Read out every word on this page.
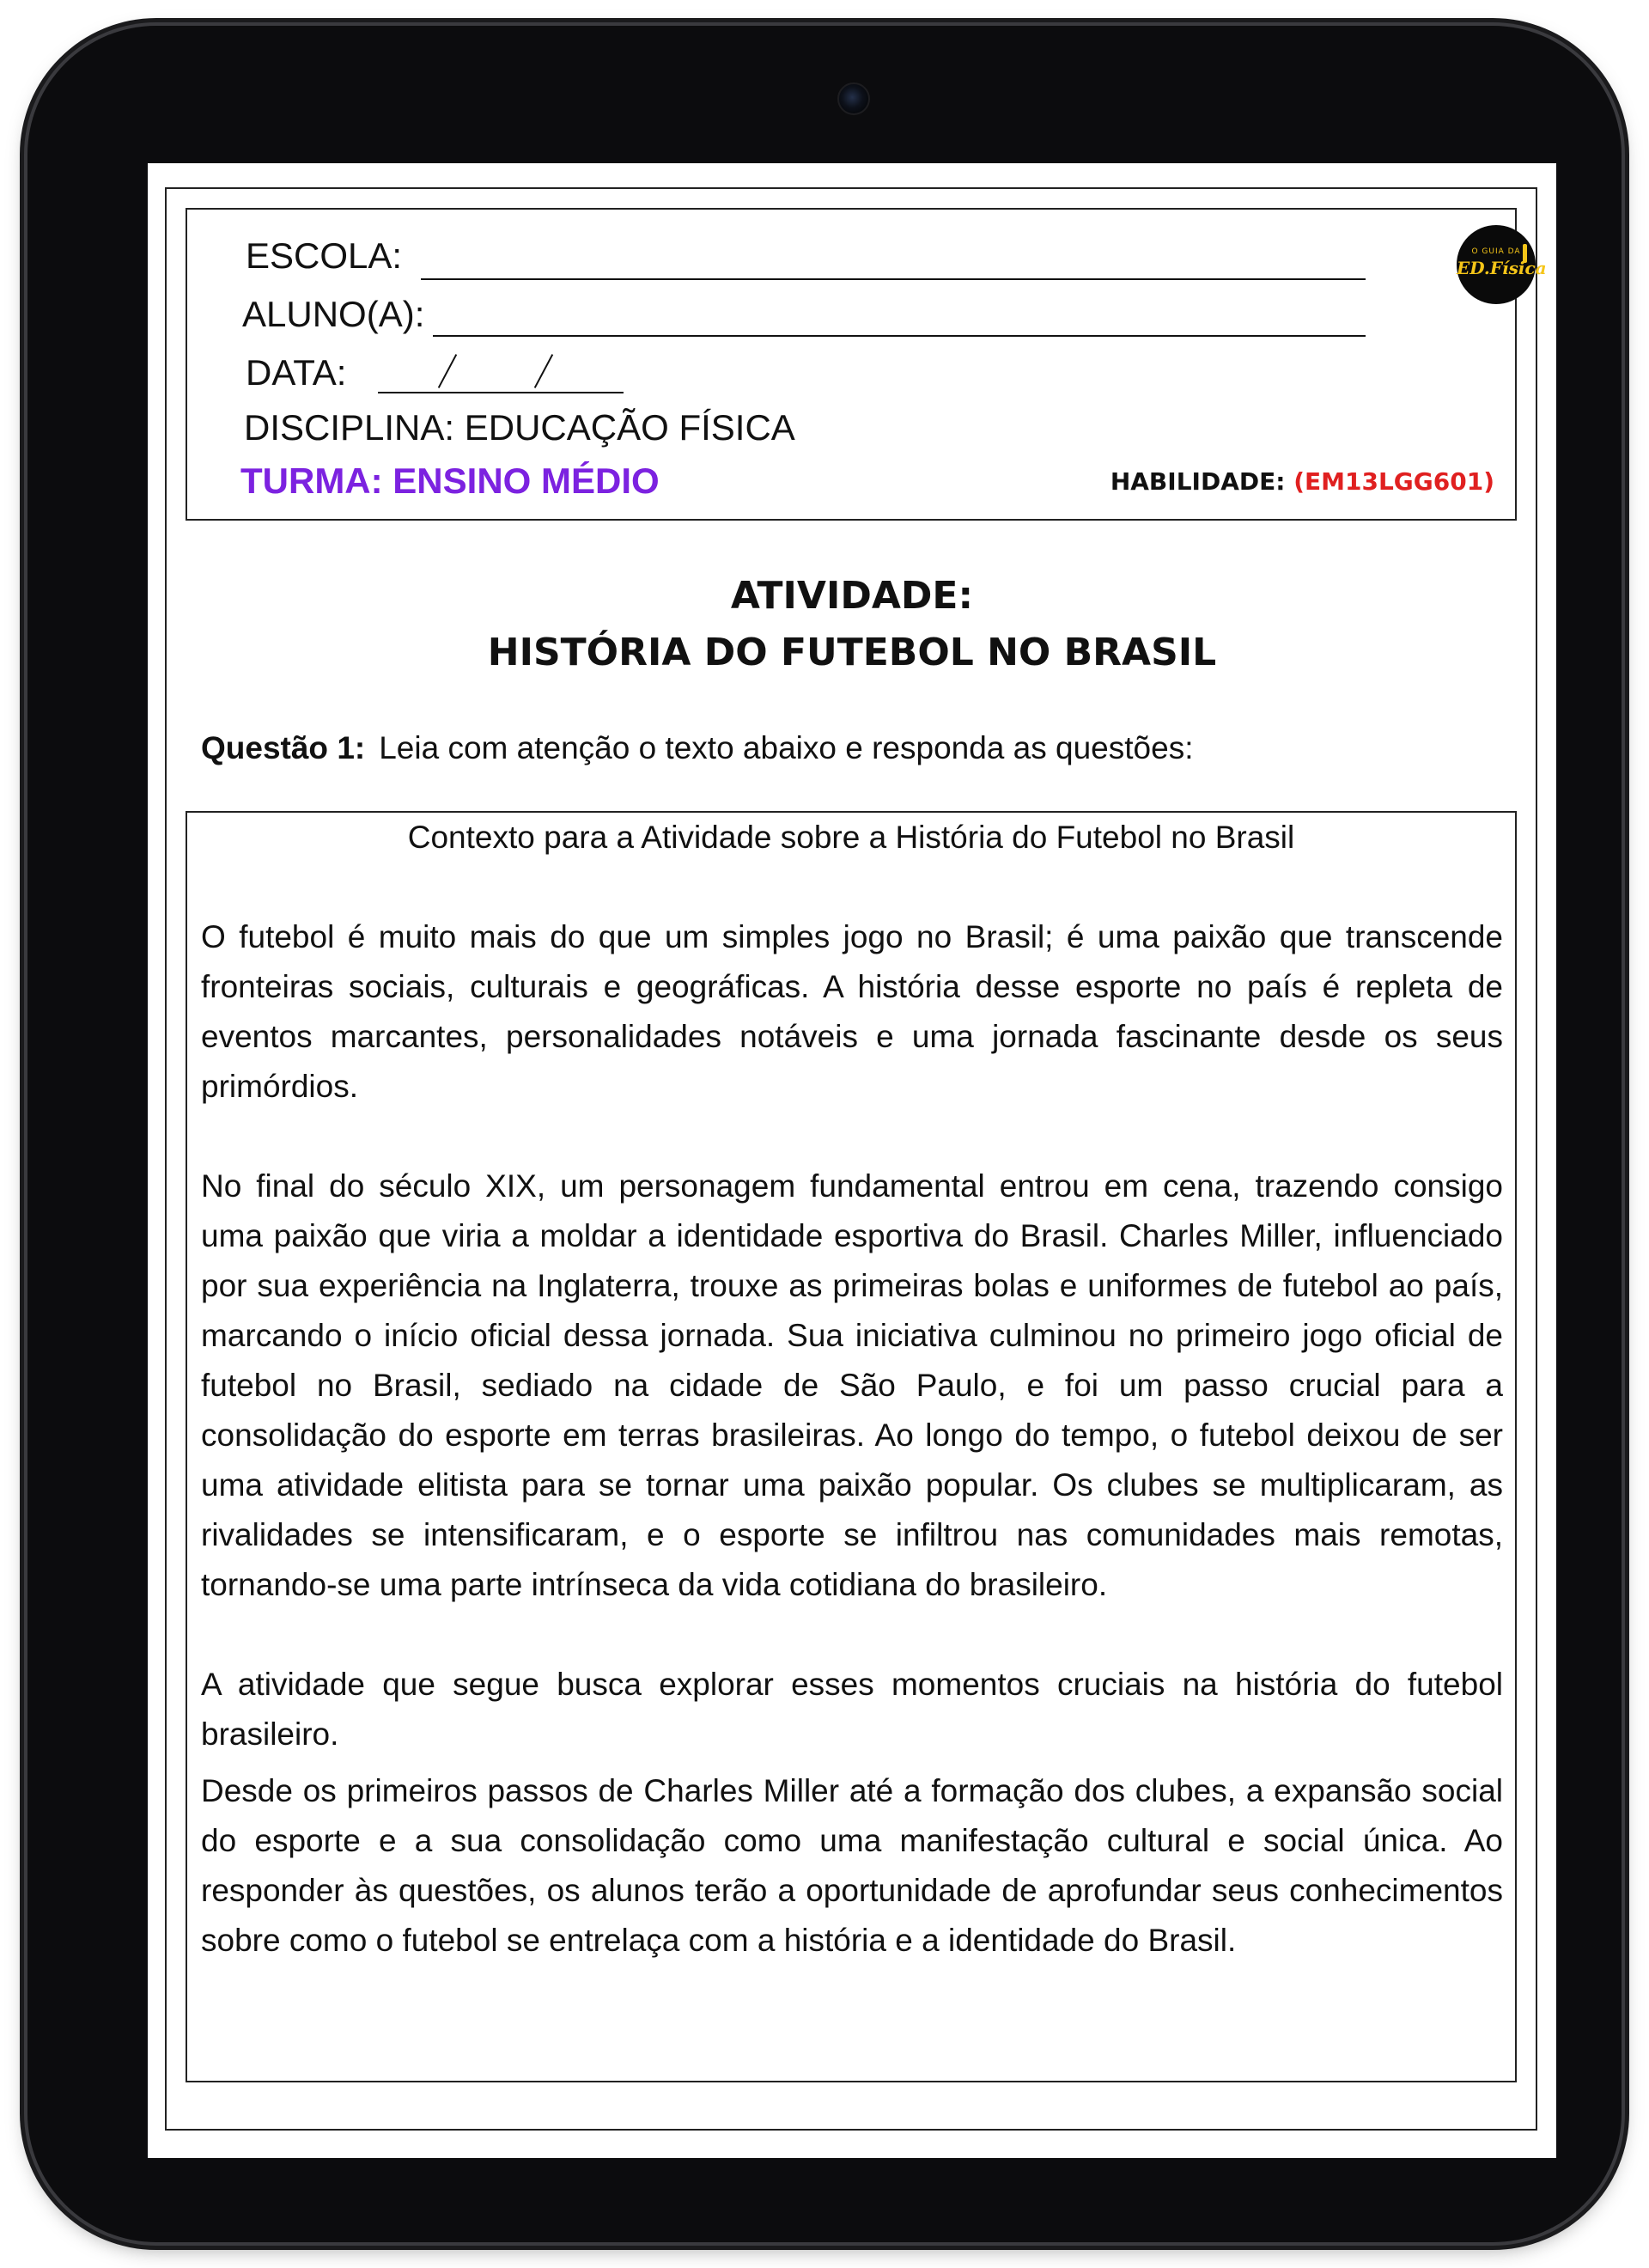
ESCOLA:
ALUNO(A):
DATA:
DISCIPLINA: EDUCAÇÃO FÍSICA
TURMA: ENSINO MÉDIO	HABILIDADE: (EM13LGG601)
O GUIA DA
ED.Física
ATIVIDADE:
HISTÓRIA DO FUTEBOL NO BRASIL
Questão 1: Leia com atenção o texto abaixo e responda as questões:
Contexto para a Atividade sobre a História do Futebol no Brasil

O futebol é muito mais do que um simples jogo no Brasil; é uma paixão que transcende fronteiras sociais, culturais e geográficas. A história desse esporte no país é repleta de eventos marcantes, personalidades notáveis e uma jornada fascinante desde os seus primórdios.

No final do século XIX, um personagem fundamental entrou em cena, trazendo consigo uma paixão que viria a moldar a identidade esportiva do Brasil. Charles Miller, influenciado por sua experiência na Inglaterra, trouxe as primeiras bolas e uniformes de futebol ao país, marcando o início oficial dessa jornada. Sua iniciativa culminou no primeiro jogo oficial de futebol no Brasil, sediado na cidade de São Paulo, e foi um passo crucial para a consolidação do esporte em terras brasileiras. Ao longo do tempo, o futebol deixou de ser uma atividade elitista para se tornar uma paixão popular. Os clubes se multiplicaram, as rivalidades se intensificaram, e o esporte se infiltrou nas comunidades mais remotas, tornando-se uma parte intrínseca da vida cotidiana do brasileiro.

A atividade que segue busca explorar esses momentos cruciais na história do futebol brasileiro.

Desde os primeiros passos de Charles Miller até a formação dos clubes, a expansão social do esporte e a sua consolidação como uma manifestação cultural e social única. Ao responder às questões, os alunos terão a oportunidade de aprofundar seus conhecimentos sobre como o futebol se entrelaça com a história e a identidade do Brasil.
